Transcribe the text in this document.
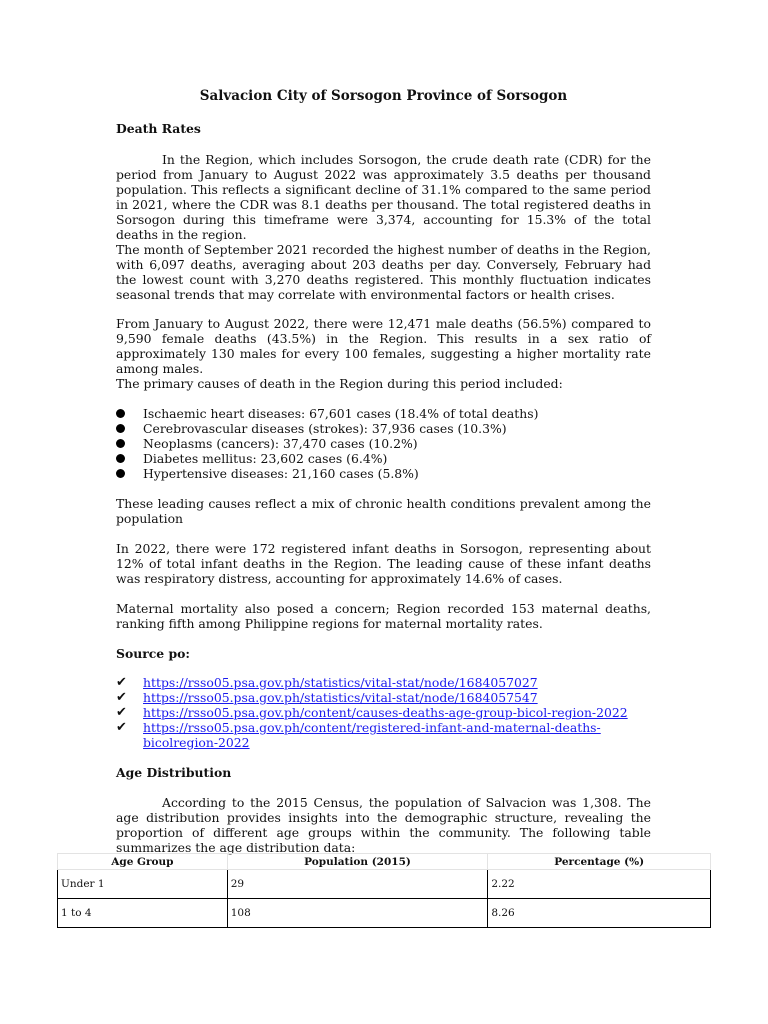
Salvacion City of Sorsogon Province of Sorsogon
Death Rates

In the Region, which includes Sorsogon, the crude death rate (CDR) for the period from January to August 2022 was approximately 3.5 deaths per thousand population. This reflects a significant decline of 31.1% compared to the same period in 2021, where the CDR was 8.1 deaths per thousand. The total registered deaths in Sorsogon during this timeframe were 3,374, accounting for 15.3% of the total deaths in the region.

The month of September 2021 recorded the highest number of deaths in the Region, with 6,097 deaths, averaging about 203 deaths per day. Conversely, February had the lowest count with 3,270 deaths registered. This monthly fluctuation indicates seasonal trends that may correlate with environmental factors or health crises.

From January to August 2022, there were 12,471 male deaths (56.5%) compared to 9,590 female deaths (43.5%) in the Region. This results in a sex ratio of approximately 130 males for every 100 females, suggesting a higher mortality rate among males.

The primary causes of death in the Region during this period included:

Ischaemic heart diseases: 67,601 cases (18.4% of total deaths)
Cerebrovascular diseases (strokes): 37,936 cases (10.3%)
Neoplasms (cancers): 37,470 cases (10.2%)
Diabetes mellitus: 23,602 cases (6.4%)
Hypertensive diseases: 21,160 cases (5.8%)

These leading causes reflect a mix of chronic health conditions prevalent among the population

In 2022, there were 172 registered infant deaths in Sorsogon, representing about 12% of total infant deaths in the Region. The leading cause of these infant deaths was respiratory distress, accounting for approximately 14.6% of cases.

Maternal mortality also posed a concern; Region recorded 153 maternal deaths, ranking fifth among Philippine regions for maternal mortality rates.

Source po:
✔ https://rsso05.psa.gov.ph/statistics/vital-stat/node/1684057027
✔ https://rsso05.psa.gov.ph/statistics/vital-stat/node/1684057547
✔ https://rsso05.psa.gov.ph/content/causes-deaths-age-group-bicol-region-2022
✔ https://rsso05.psa.gov.ph/content/registered-infant-and-maternal-deaths-bicolregion-2022
Age Distribution

According to the 2015 Census, the population of Salvacion was 1,308. The age distribution provides insights into the demographic structure, revealing the proportion of different age groups within the community. The following table summarizes the age distribution data:

Age Group	Population (2015)	Percentage (%)
Under 1	29	2.22
1 to 4	108	8.26
